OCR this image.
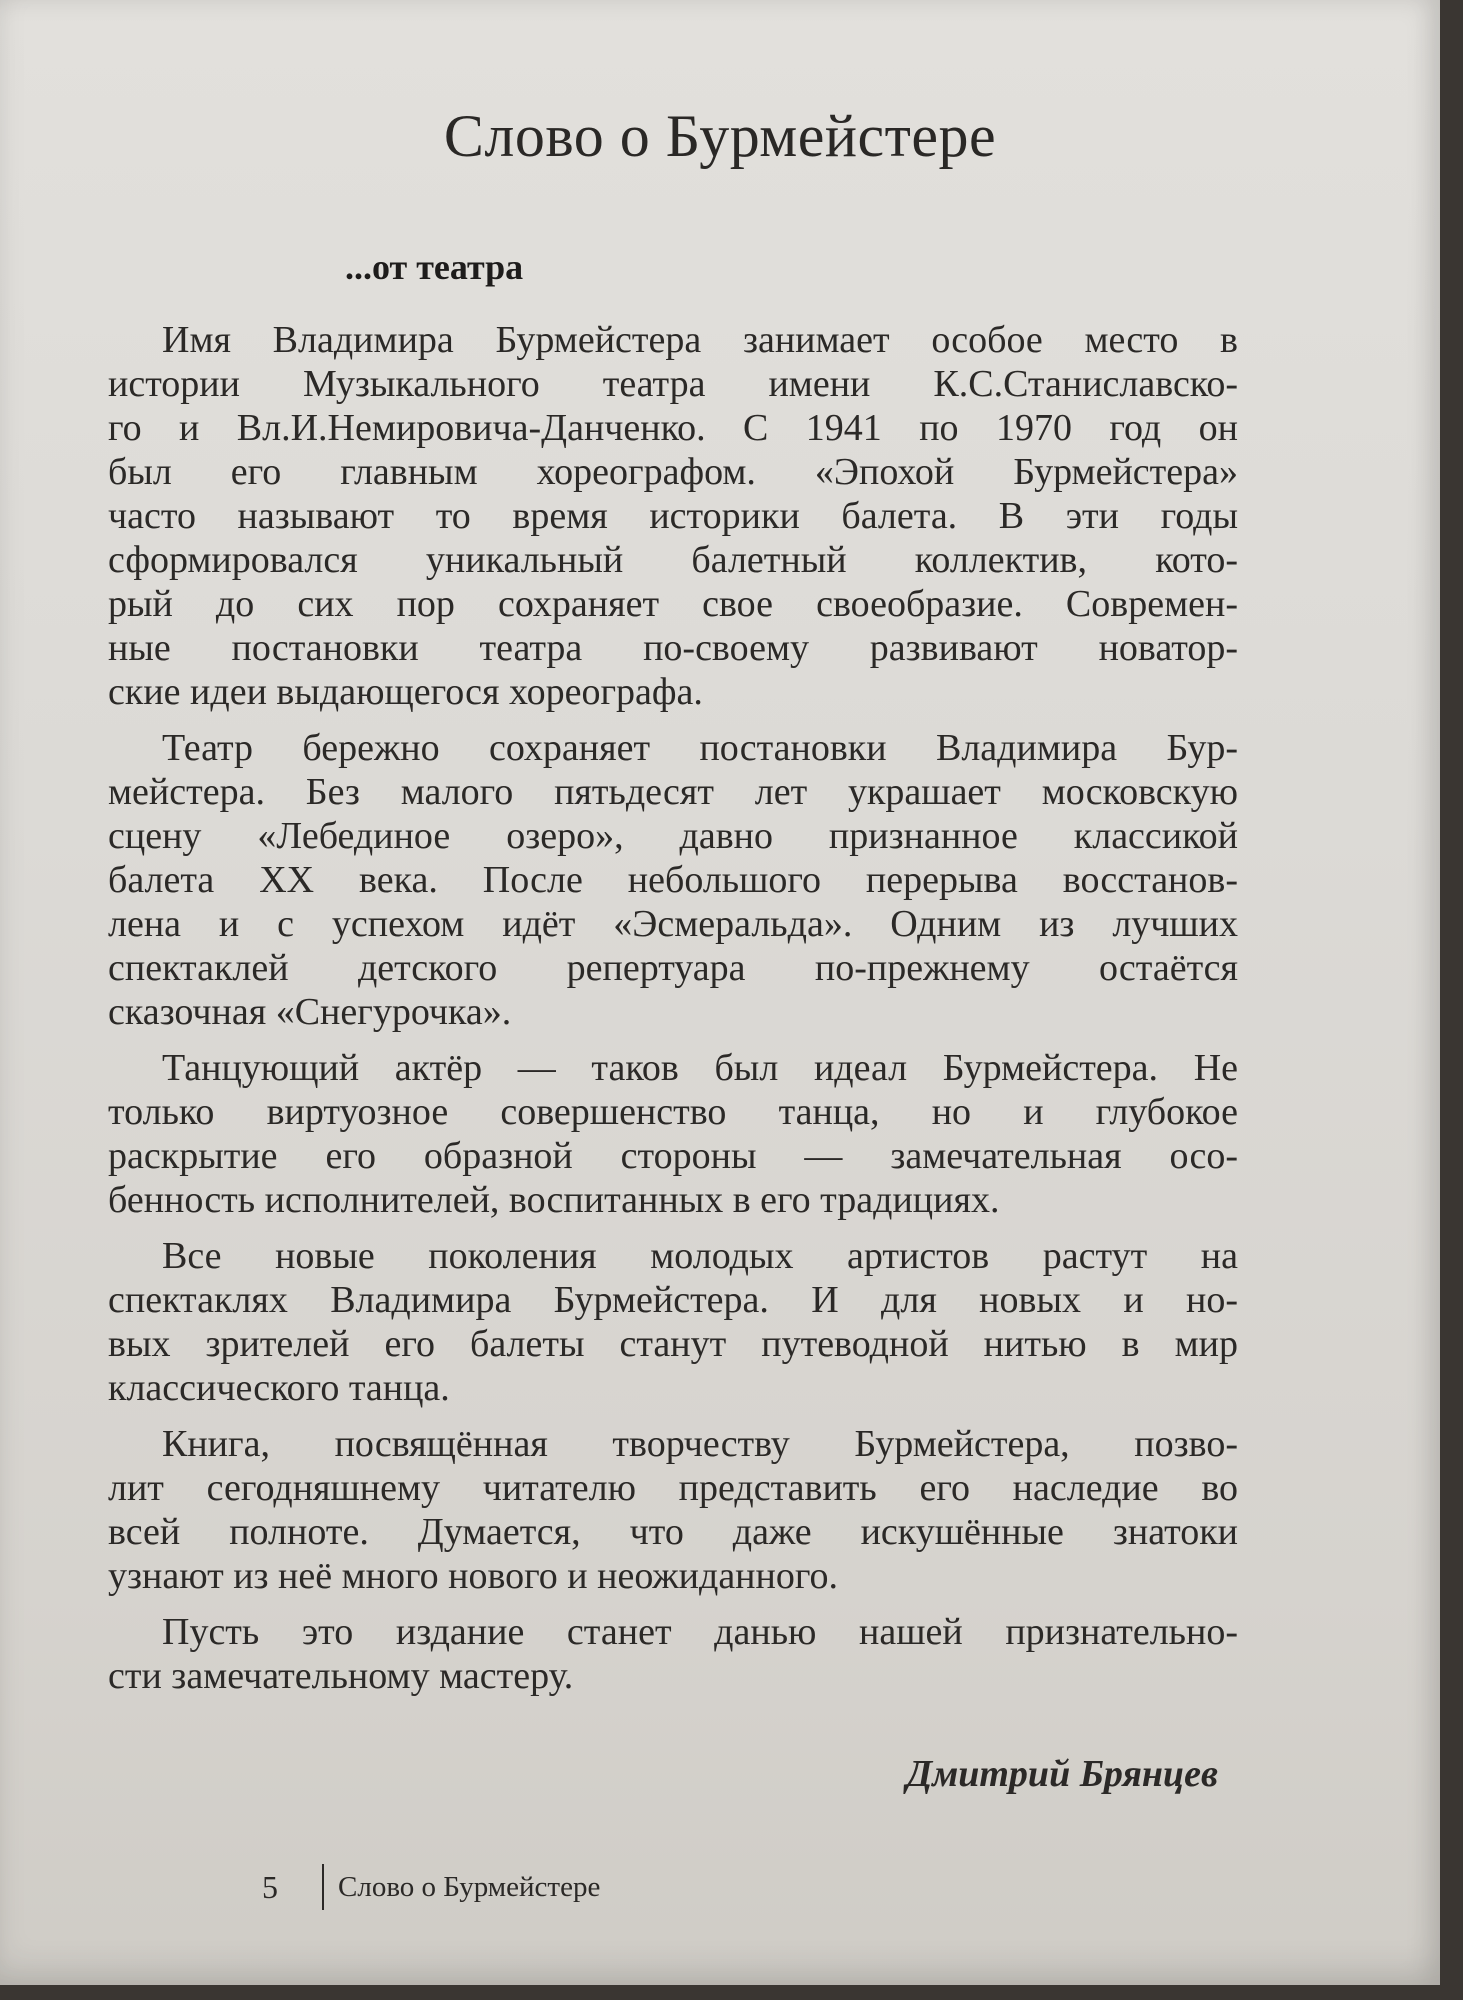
Слово о Бурмейстере
...от театра
Имя Владимира Бурмейстера занимает особое место в
истории Музыкального театра имени К.С.Станиславско-
го и Вл.И.Немировича-Данченко. С 1941 по 1970 год он
был его главным хореографом. «Эпохой Бурмейстера»
часто называют то время историки балета. В эти годы
сформировался уникальный балетный коллектив, кото-
рый до сих пор сохраняет свое своеобразие. Современ-
ные постановки театра по-своему развивают новатор-
ские идеи выдающегося хореографа.
Театр бережно сохраняет постановки Владимира Бур-
мейстера. Без малого пятьдесят лет украшает московскую
сцену «Лебединое озеро», давно признанное классикой
балета XX века. После небольшого перерыва восстанов-
лена и с успехом идёт «Эсмеральда». Одним из лучших
спектаклей детского репертуара по-прежнему остаётся
сказочная «Снегурочка».
Танцующий актёр — таков был идеал Бурмейстера. Не
только виртуозное совершенство танца, но и глубокое
раскрытие его образной стороны — замечательная осо-
бенность исполнителей, воспитанных в его традициях.
Все новые поколения молодых артистов растут на
спектаклях Владимира Бурмейстера. И для новых и но-
вых зрителей его балеты станут путеводной нитью в мир
классического танца.
Книга, посвящённая творчеству Бурмейстера, позво-
лит сегодняшнему читателю представить его наследие во
всей полноте. Думается, что даже искушённые знатоки
узнают из неё много нового и неожиданного.
Пусть это издание станет данью нашей признательно-
сти замечательному мастеру.

Дмитрий Брянцев

5	Слово о Бурмейстере
